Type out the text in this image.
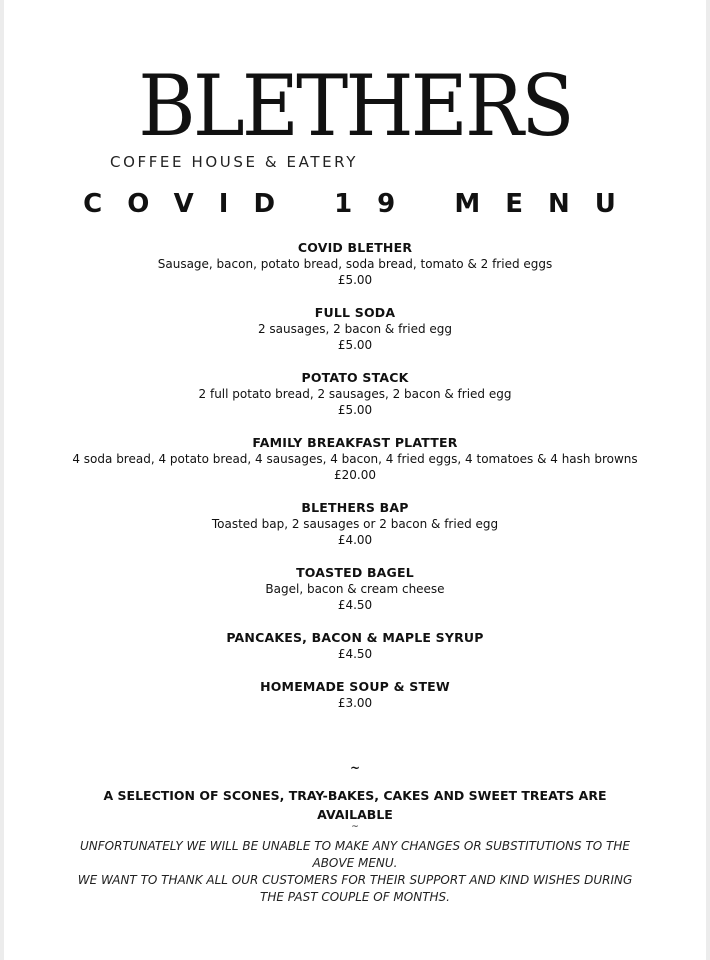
BLETHERS
COFFEE HOUSE & EATERY
COVID 19 MENU
COVID BLETHER
Sausage, bacon, potato bread, soda bread, tomato & 2 fried eggs
£5.00
FULL SODA
2 sausages, 2 bacon & fried egg
£5.00
POTATO STACK
2 full potato bread, 2 sausages, 2 bacon & fried egg
£5.00
FAMILY BREAKFAST PLATTER
4 soda bread, 4 potato bread, 4 sausages, 4 bacon, 4 fried eggs, 4 tomatoes & 4 hash browns
£20.00
BLETHERS BAP
Toasted bap, 2 sausages or 2 bacon & fried egg
£4.00
TOASTED BAGEL
Bagel, bacon & cream cheese
£4.50
PANCAKES, BACON & MAPLE SYRUP
£4.50
HOMEMADE SOUP & STEW
£3.00
~
A SELECTION OF SCONES, TRAY-BAKES, CAKES AND SWEET TREATS ARE AVAILABLE
~
UNFORTUNATELY WE WILL BE UNABLE TO MAKE ANY CHANGES OR SUBSTITUTIONS TO THE ABOVE MENU.
WE WANT TO THANK ALL OUR CUSTOMERS FOR THEIR SUPPORT AND KIND WISHES DURING THE PAST COUPLE OF MONTHS.
